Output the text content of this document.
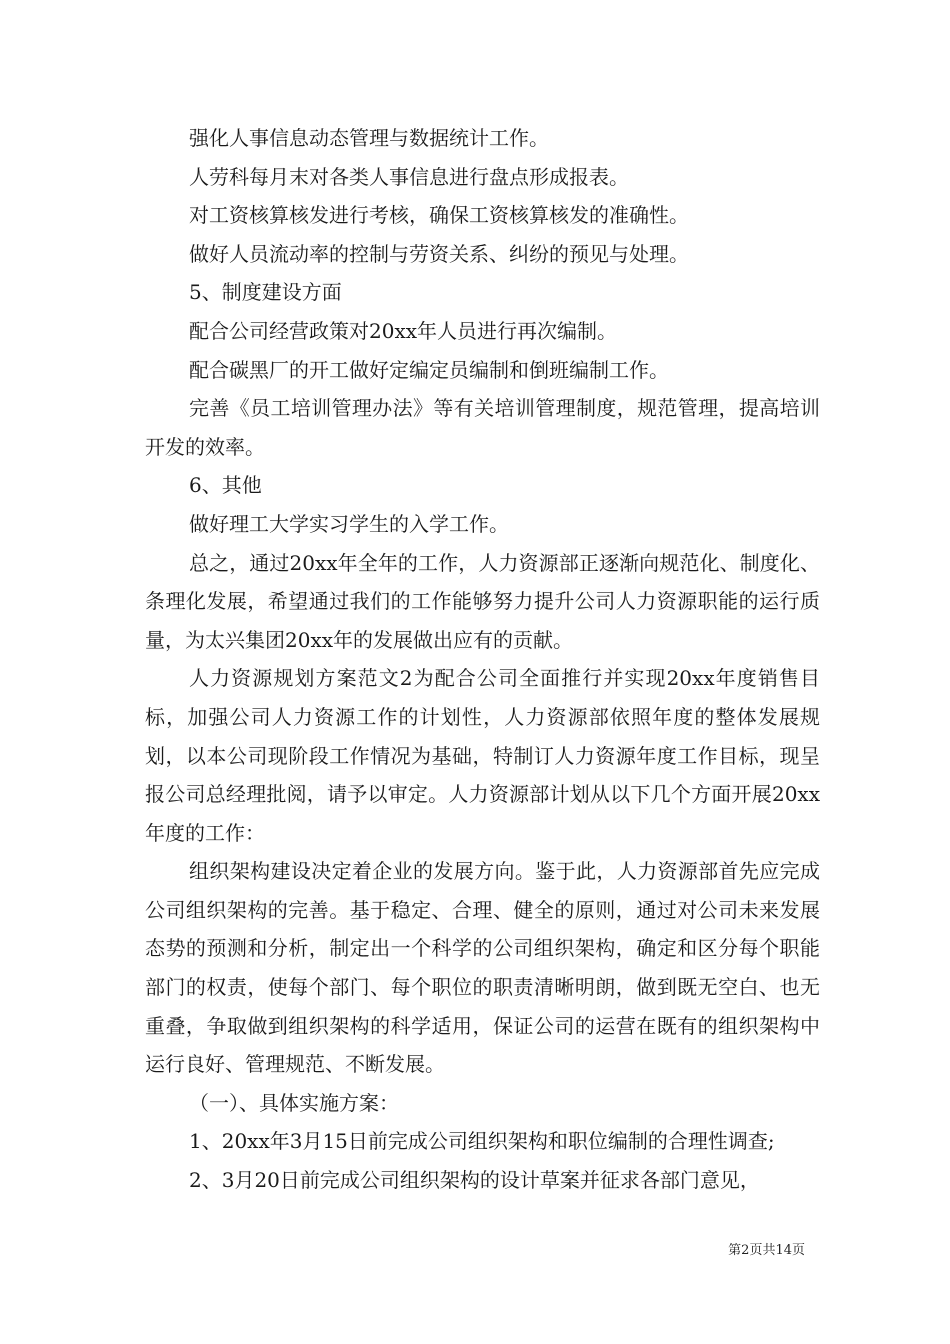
强化人事信息动态管理与数据统计工作。

人劳科每月末对各类人事信息进行盘点形成报表。

对工资核算核发进行考核，确保工资核算核发的准确性。

做好人员流动率的控制与劳资关系、纠纷的预见与处理。

5、制度建设方面

配合公司经营政策对20xx年人员进行再次编制。

配合碳黑厂的开工做好定编定员编制和倒班编制工作。

完善《员工培训管理办法》等有关培训管理制度，规范管理，提高培训开发的效率。

6、其他

做好理工大学实习学生的入学工作。

总之，通过20xx年全年的工作，人力资源部正逐渐向规范化、制度化、条理化发展，希望通过我们的工作能够努力提升公司人力资源职能的运行质量，为太兴集团20xx年的发展做出应有的贡献。

人力资源规划方案范文2为配合公司全面推行并实现20xx年度销售目标，加强公司人力资源工作的计划性，人力资源部依照年度的整体发展规划，以本公司现阶段工作情况为基础，特制订人力资源年度工作目标，现呈报公司总经理批阅，请予以审定。人力资源部计划从以下几个方面开展20xx年度的工作：

组织架构建设决定着企业的发展方向。鉴于此，人力资源部首先应完成公司组织架构的完善。基于稳定、合理、健全的原则，通过对公司未来发展态势的预测和分析，制定出一个科学的公司组织架构，确定和区分每个职能部门的权责，使每个部门、每个职位的职责清晰明朗，做到既无空白、也无重叠，争取做到组织架构的科学适用，保证公司的运营在既有的组织架构中运行良好、管理规范、不断发展。

（一）、具体实施方案：

1、20xx年3月15日前完成公司组织架构和职位编制的合理性调查;

2、3月20日前完成公司组织架构的设计草案并征求各部门意见，

第2页共14页
